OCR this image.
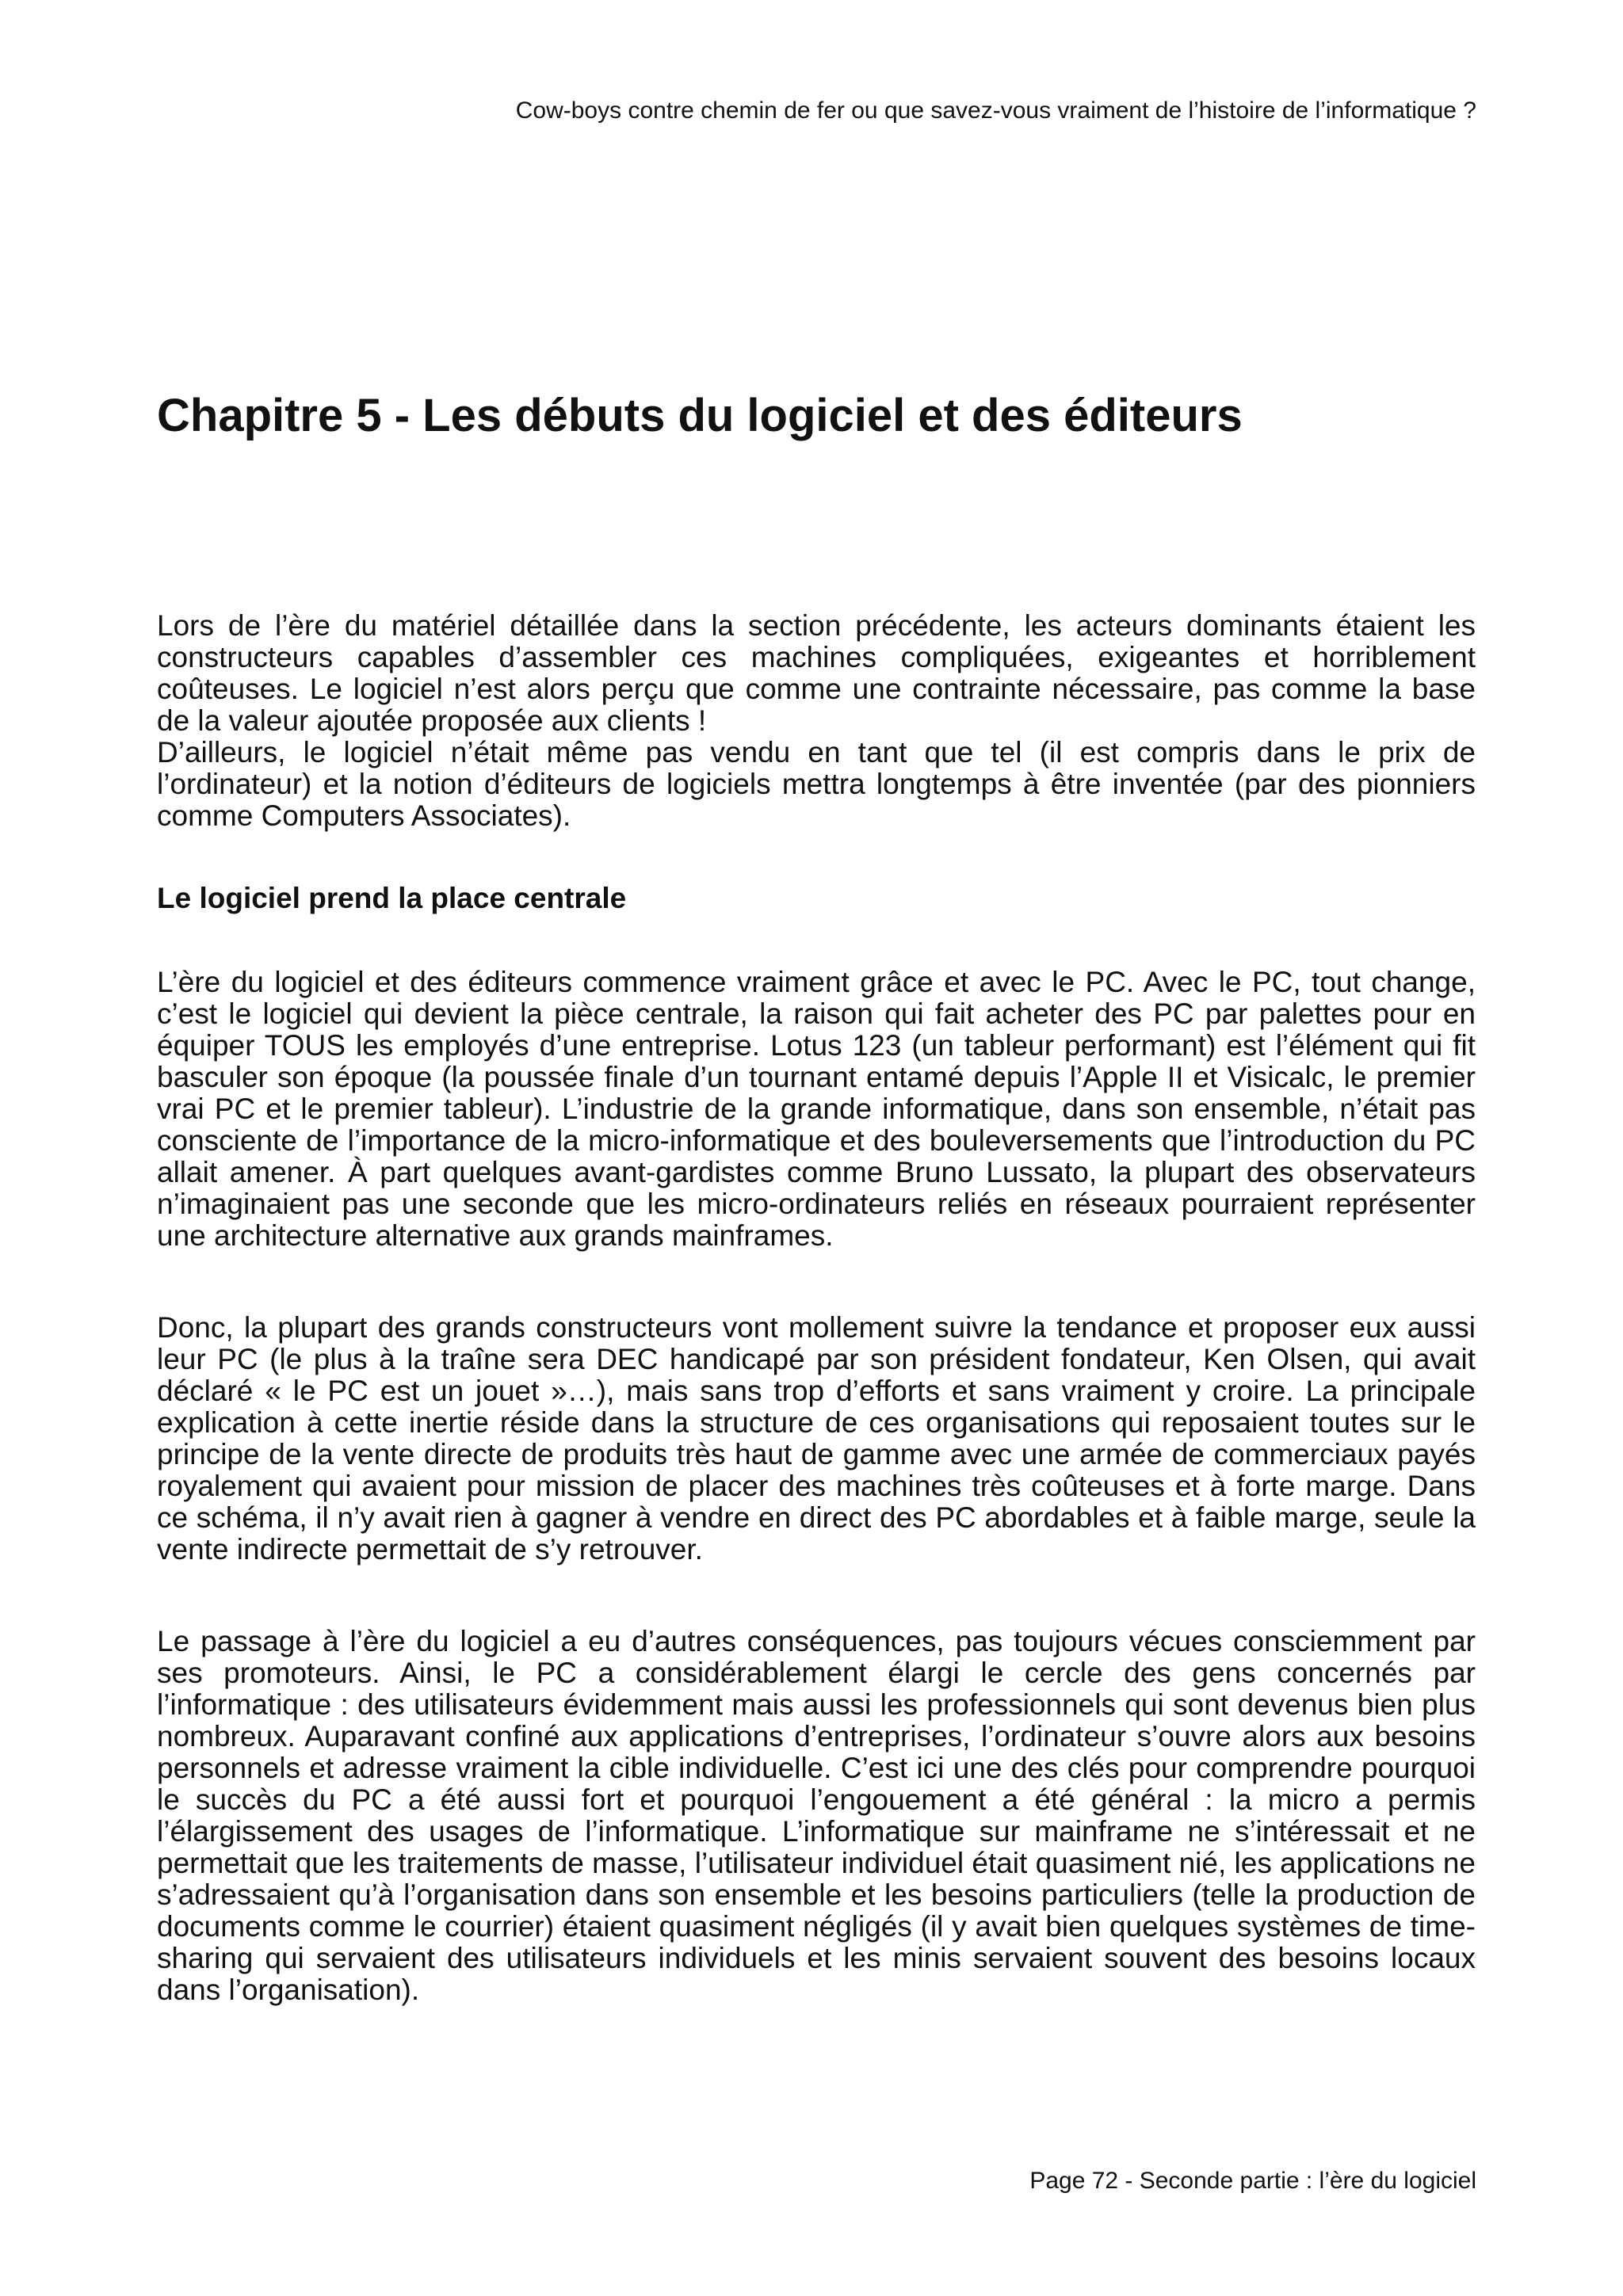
Cow-boys contre chemin de fer ou que savez-vous vraiment de l’histoire de l’informatique ?
Chapitre 5 - Les débuts du logiciel et des éditeurs

Lors de l’ère du matériel détaillée dans la section précédente, les acteurs dominants étaient les constructeurs capables d’assembler ces machines compliquées, exigeantes et horriblement coûteuses. Le logiciel n’est alors perçu que comme une contrainte nécessaire, pas comme la base de la valeur ajoutée proposée aux clients !

D’ailleurs, le logiciel n’était même pas vendu en tant que tel (il est compris dans le prix de l’ordinateur) et la notion d’éditeurs de logiciels mettra longtemps à être inventée (par des pionniers comme Computers Associates).

Le logiciel prend la place centrale

L’ère du logiciel et des éditeurs commence vraiment grâce et avec le PC. Avec le PC, tout change, c’est le logiciel qui devient la pièce centrale, la raison qui fait acheter des PC par palettes pour en équiper TOUS les employés d’une entreprise. Lotus 123 (un tableur performant) est l’élément qui fit basculer son époque (la poussée finale d’un tournant entamé depuis l’Apple II et Visicalc, le premier vrai PC et le premier tableur). L’industrie de la grande informatique, dans son ensemble, n’était pas consciente de l’importance de la micro-informatique et des bouleversements que l’introduction du PC allait amener. À part quelques avant-gardistes comme Bruno Lussato, la plupart des observateurs n’imaginaient pas une seconde que les micro-ordinateurs reliés en réseaux pourraient représenter une architecture alternative aux grands mainframes.

Donc, la plupart des grands constructeurs vont mollement suivre la tendance et proposer eux aussi leur PC (le plus à la traîne sera DEC handicapé par son président fondateur, Ken Olsen, qui avait déclaré « le PC est un jouet »…), mais sans trop d’efforts et sans vraiment y croire. La principale explication à cette inertie réside dans la structure de ces organisations qui reposaient toutes sur le principe de la vente directe de produits très haut de gamme avec une armée de commerciaux payés royalement qui avaient pour mission de placer des machines très coûteuses et à forte marge. Dans ce schéma, il n’y avait rien à gagner à vendre en direct des PC abordables et à faible marge, seule la vente indirecte permettait de s’y retrouver.

Le passage à l’ère du logiciel a eu d’autres conséquences, pas toujours vécues consciemment par ses promoteurs. Ainsi, le PC a considérablement élargi le cercle des gens concernés par l’informatique : des utilisateurs évidemment mais aussi les professionnels qui sont devenus bien plus nombreux. Auparavant confiné aux applications d’entreprises, l’ordinateur s’ouvre alors aux besoins personnels et adresse vraiment la cible individuelle. C’est ici une des clés pour comprendre pourquoi le succès du PC a été aussi fort et pourquoi l’engouement a été général : la micro a permis l’élargissement des usages de l’informatique. L’informatique sur mainframe ne s’intéressait et ne permettait que les traitements de masse, l’utilisateur individuel était quasiment nié, les applications ne s’adressaient qu’à l’organisation dans son ensemble et les besoins particuliers (telle la production de documents comme le courrier) étaient quasiment négligés (il y avait bien quelques systèmes de time-sharing qui servaient des utilisateurs individuels et les minis servaient souvent des besoins locaux dans l’organisation).

Page 72 - Seconde partie : l’ère du logiciel
